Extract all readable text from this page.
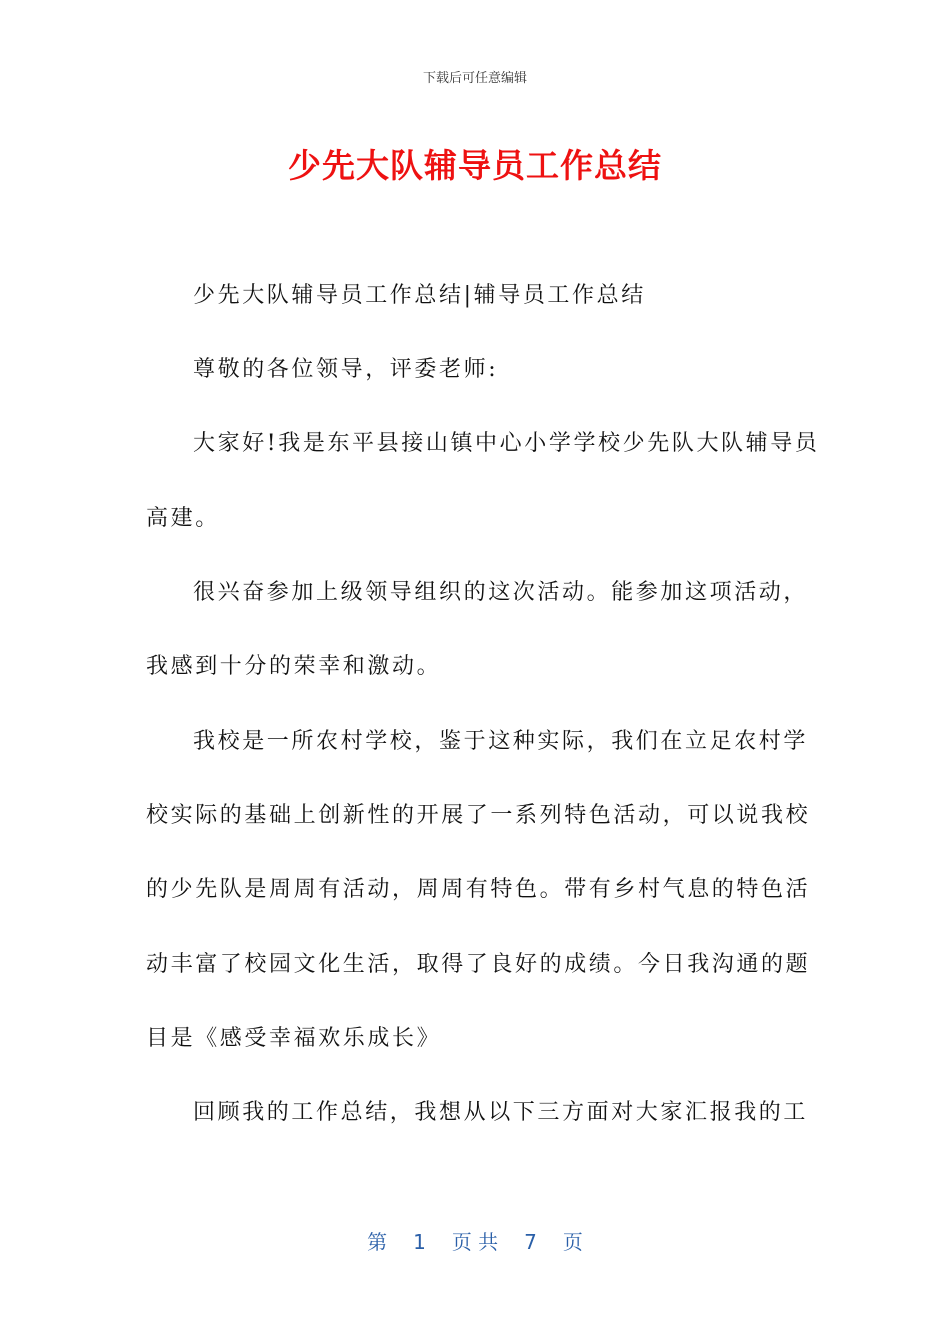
下载后可任意编辑
少先大队辅导员工作总结
少先大队辅导员工作总结|辅导员工作总结
尊敬的各位领导，评委老师:
大家好!我是东平县接山镇中心小学学校少先队大队辅导员
高建。
很兴奋参加上级领导组织的这次活动。能参加这项活动，
我感到十分的荣幸和激动。
我校是一所农村学校，鉴于这种实际，我们在立足农村学
校实际的基础上创新性的开展了一系列特色活动，可以说我校
的少先队是周周有活动，周周有特色。带有乡村气息的特色活
动丰富了校园文化生活，取得了良好的成绩。今日我沟通的题
目是《感受幸福欢乐成长》
回顾我的工作总结，我想从以下三方面对大家汇报我的工
第 1 页 共 7 页
